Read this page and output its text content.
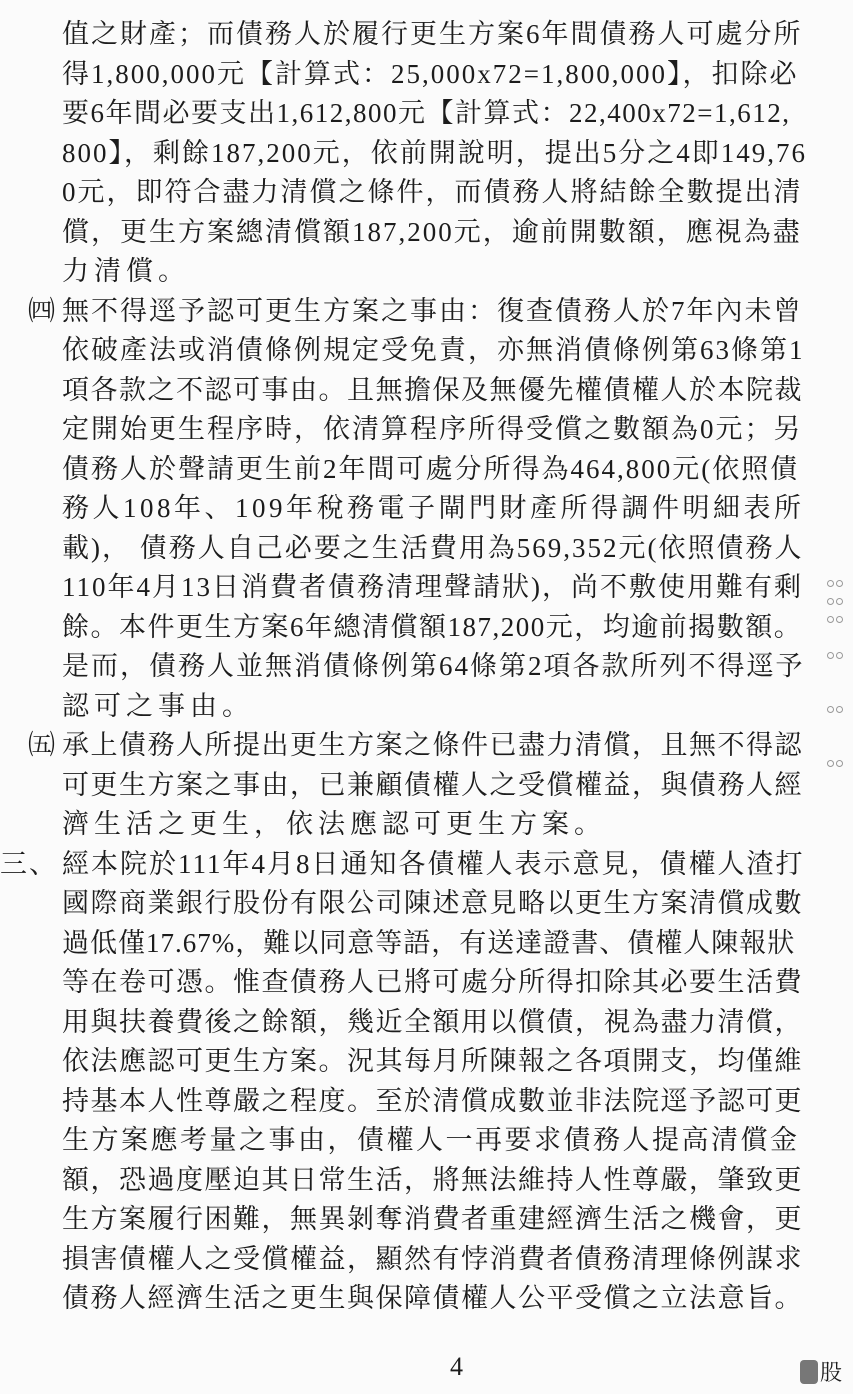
值之財產；而債務人於履行更生方案6年間債務人可處分所
得1,800,000元【計算式：25,000x72=1,800,000】，扣除必
要6年間必要支出1,612,800元【計算式：22,400x72=1,612,
800】，剩餘187,200元，依前開說明，提出5分之4即149,76
0元，即符合盡力清償之條件，而債務人將結餘全數提出清
償，更生方案總清償額187,200元，逾前開數額，應視為盡
力清償。
㈣ 無不得逕予認可更生方案之事由：復查債務人於7年內未曾
依破產法或消債條例規定受免責，亦無消債條例第63條第1
項各款之不認可事由。且無擔保及無優先權債權人於本院裁
定開始更生程序時，依清算程序所得受償之數額為0元；另
債務人於聲請更生前2年間可處分所得為464,800元(依照債
務人108年、109年稅務電子閘門財產所得調件明細表所
載)， 債務人自己必要之生活費用為569,352元(依照債務人
110年4月13日消費者債務清理聲請狀)，尚不敷使用難有剩
餘。本件更生方案6年總清償額187,200元，均逾前揭數額。
是而，債務人並無消債條例第64條第2項各款所列不得逕予
認可之事由。
㈤ 承上債務人所提出更生方案之條件已盡力清償，且無不得認
可更生方案之事由，已兼顧債權人之受償權益，與債務人經
濟生活之更生，依法應認可更生方案。
三、 經本院於111年4月8日通知各債權人表示意見，債權人渣打
國際商業銀行股份有限公司陳述意見略以更生方案清償成數
過低僅17.67%，難以同意等語，有送達證書、債權人陳報狀
等在卷可憑。惟查債務人已將可處分所得扣除其必要生活費
用與扶養費後之餘額，幾近全額用以償債，視為盡力清償，
依法應認可更生方案。況其每月所陳報之各項開支，均僅維
持基本人性尊嚴之程度。至於清償成數並非法院逕予認可更
生方案應考量之事由，債權人一再要求債務人提高清償金
額，恐過度壓迫其日常生活，將無法維持人性尊嚴，肇致更
生方案履行困難，無異剝奪消費者重建經濟生活之機會，更
損害債權人之受償權益，顯然有悖消費者債務清理條例謀求
債務人經濟生活之更生與保障債權人公平受償之立法意旨。

4	股
